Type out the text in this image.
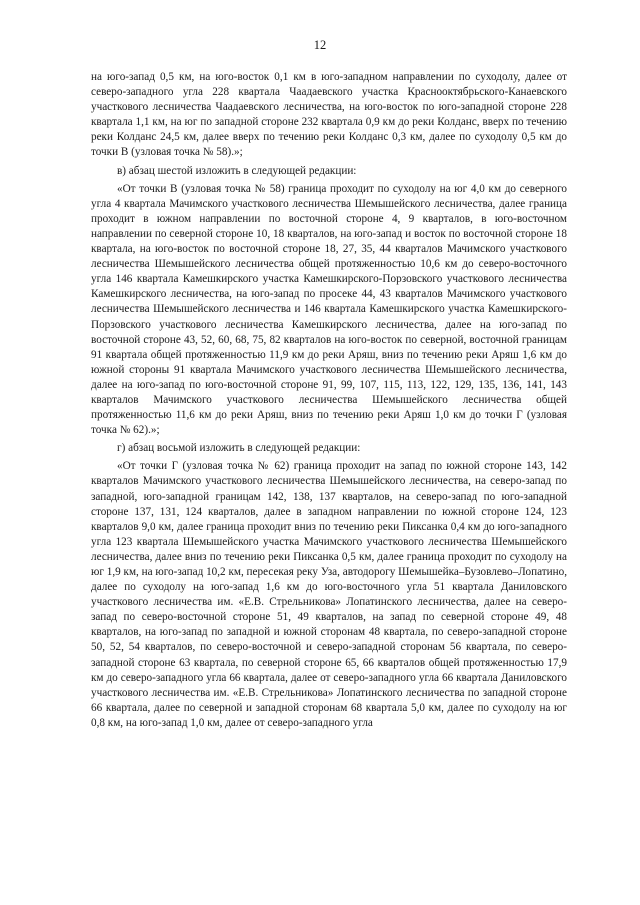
12

на юго-запад 0,5 км, на юго-восток 0,1 км в юго-западном направлении по суходолу, далее от северо-западного угла 228 квартала Чаадаевского участка Красноoктябрьского-Канаевского участкового лесничества Чаадаевского лесничества, на юго-восток по юго-западной стороне 228 квартала 1,1 км, на юг по западной стороне 232 квартала 0,9 км до реки Колданс, вверх по течению реки Колданс 24,5 км, далее вверх по течению реки Колданс 0,3 км, далее по суходолу 0,5 км до точки В (узловая точка № 58).»;

в) абзац шестой изложить в следующей редакции:

«От точки В (узловая точка № 58) граница проходит по суходолу на юг 4,0 км до северного угла 4 квартала Мачимского участкового лесничества Шемышейского лесничества, далее граница проходит в южном направлении по восточной стороне 4, 9 кварталов, в юго-восточном направлении по северной стороне 10, 18 кварталов, на юго-запад и восток по восточной стороне 18 квартала, на юго-восток по восточной стороне 18, 27, 35, 44 кварталов Мачимского участкового лесничества Шемышейского лесничества общей протяженностью 10,6 км до северо-восточного угла 146 квартала Камешкирского участка Камешкирского-Порзовского участкового лесничества Камешкирского лесничества, на юго-запад по просеке 44, 43 кварталов Мачимского участкового лесничества Шемышейского лесничества и 146 квартала Камешкирского участка Камешкирского-Порзовского участкового лесничества Камешкирского лесничества, далее на юго-запад по восточной стороне 43, 52, 60, 68, 75, 82 кварталов на юго-восток по северной, восточной границам 91 квартала общей протяженностью 11,9 км до реки Аряш, вниз по течению реки Аряш 1,6 км до южной стороны 91 квартала Мачимского участкового лесничества Шемышейского лесничества, далее на юго-запад по юго-восточной стороне 91, 99, 107, 115, 113, 122, 129, 135, 136, 141, 143 кварталов Мачимского участкового лесничества Шемышейского лесничества общей протяженностью 11,6 км до реки Аряш, вниз по течению реки Аряш 1,0 км до точки Г (узловая точка № 62).»;

г) абзац восьмой изложить в следующей редакции:

«От точки Г (узловая точка № 62) граница проходит на запад по южной стороне 143, 142 кварталов Мачимского участкового лесничества Шемышейского лесничества, на северо-запад по западной, юго-западной границам 142, 138, 137 кварталов, на северо-запад по юго-западной стороне 137, 131, 124 кварталов, далее в западном направлении по южной стороне 124, 123 кварталов 9,0 км, далее граница проходит вниз по течению реки Пиксанка 0,4 км до юго-западного угла 123 квартала Шемышейского участка Мачимского участкового лесничества Шемышейского лесничества, далее вниз по течению реки Пиксанка 0,5 км, далее граница проходит по суходолу на юг 1,9 км, на юго-запад 10,2 км, пересекая реку Уза, автодорогу Шемышейка–Бузовлево–Лопатино, далее по суходолу на юго-запад 1,6 км до юго-восточного угла 51 квартала Даниловского участкового лесничества им. «Е.В. Стрельникова» Лопатинского лесничества, далее на северо-запад по северо-восточной стороне 51, 49 кварталов, на запад по северной стороне 49, 48 кварталов, на юго-запад по западной и южной сторонам 48 квартала, по северо-западной стороне 50, 52, 54 кварталов, по северо-восточной и северо-западной сторонам 56 квартала, по северо-западной стороне 63 квартала, по северной стороне 65, 66 кварталов общей протяженностью 17,9 км до северо-западного угла 66 квартала, далее от северо-западного угла 66 квартала Даниловского участкового лесничества им. «Е.В. Стрельникова» Лопатинского лесничества по западной стороне 66 квартала, далее по северной и западной сторонам 68 квартала 5,0 км, далее по суходолу на юг 0,8 км, на юго-запад 1,0 км, далее от северо-западного угла
